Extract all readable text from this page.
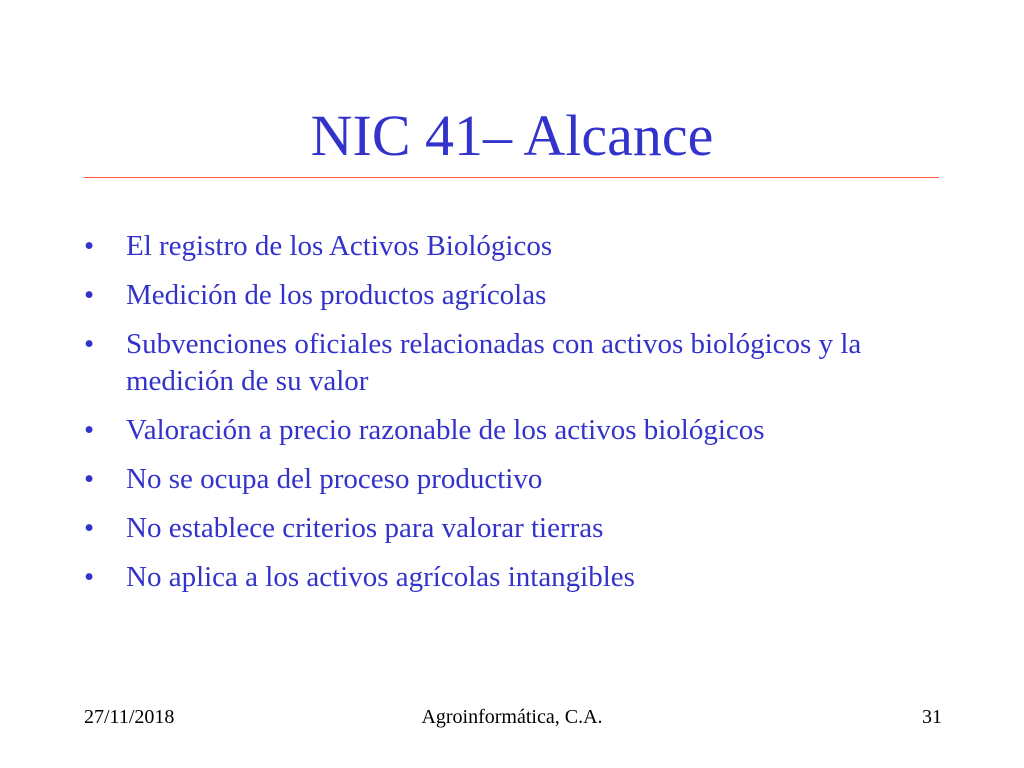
NIC 41– Alcance
• El registro de los Activos Biológicos
• Medición de los productos agrícolas
• Subvenciones oficiales relacionadas con activos biológicos y la medición de su valor
• Valoración a precio razonable de los activos biológicos
• No se ocupa del proceso productivo
• No establece criterios para valorar tierras
• No aplica a los activos agrícolas intangibles
27/11/2018	Agroinformática, C.A.	31
